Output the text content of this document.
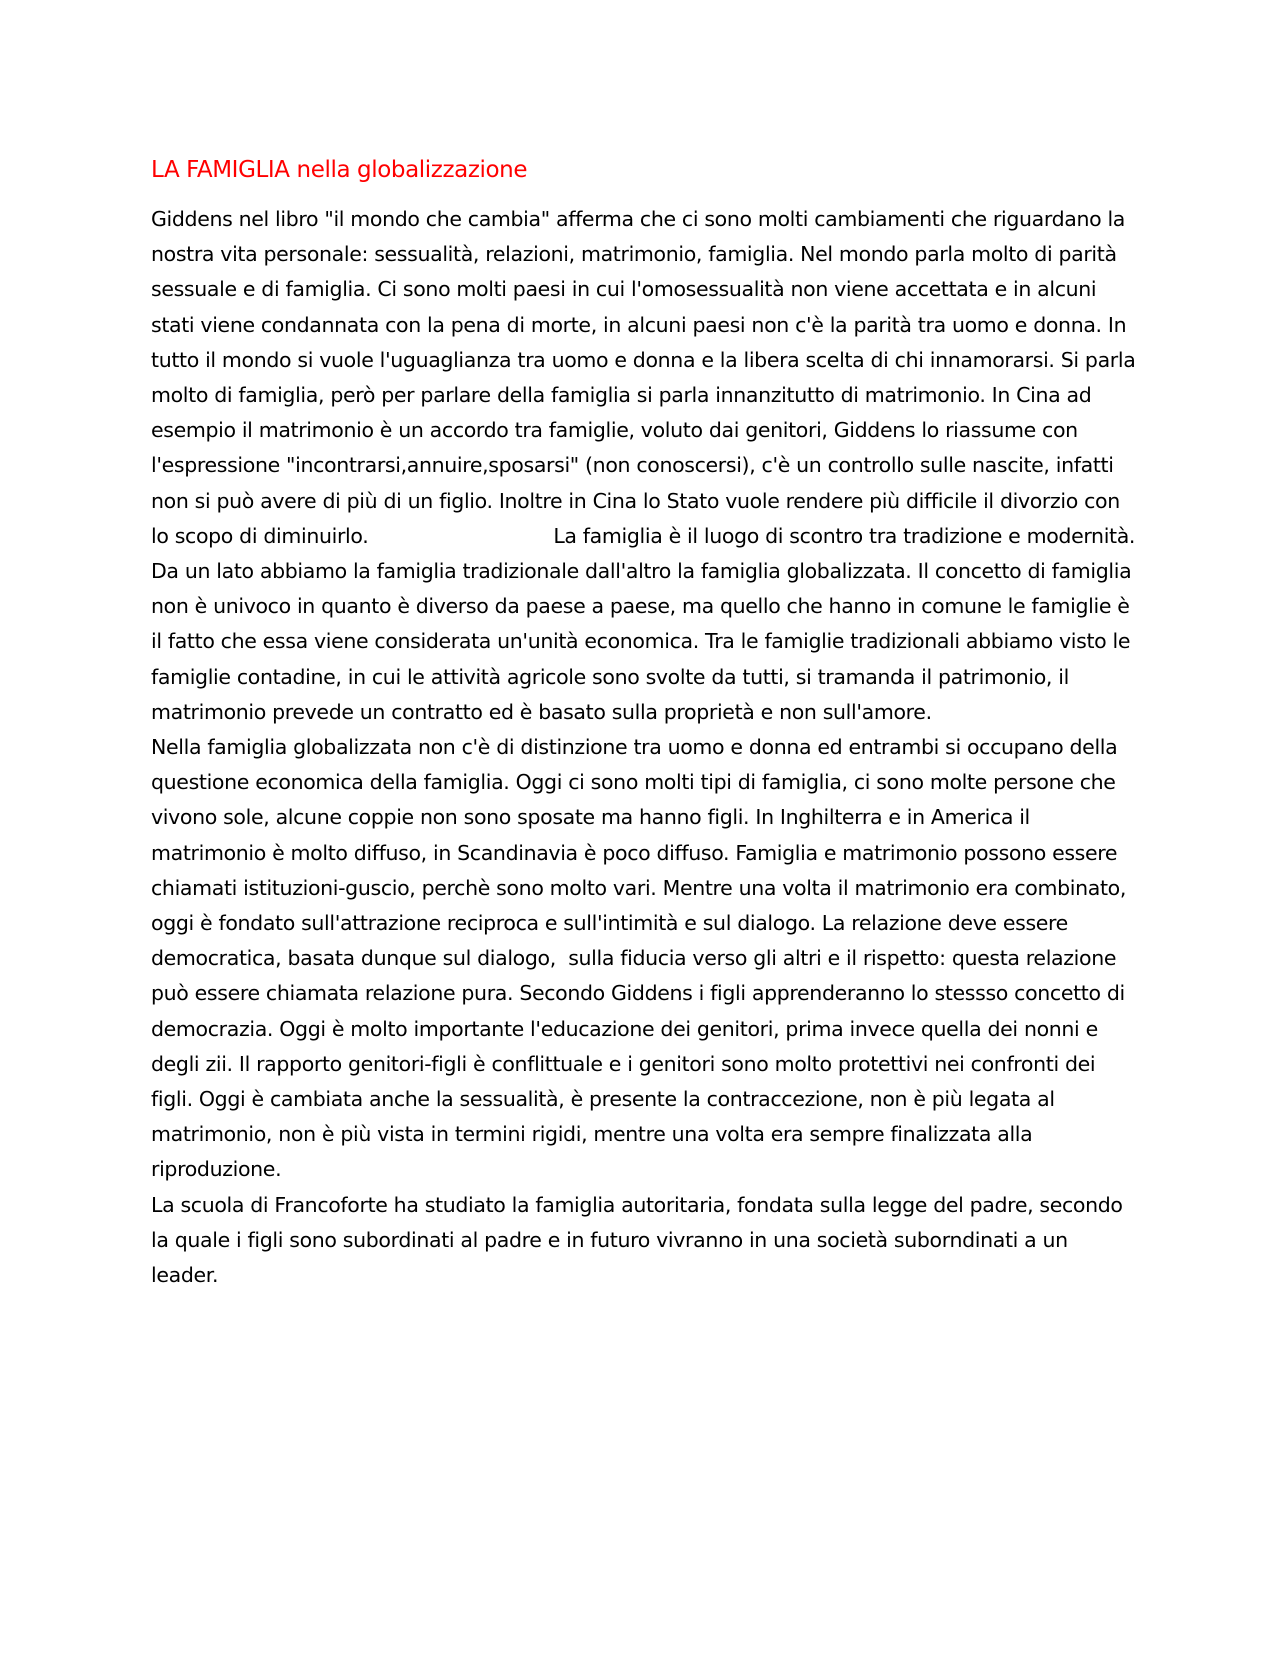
LA FAMIGLIA nella globalizzazione

Giddens nel libro "il mondo che cambia" afferma che ci sono molti cambiamenti che riguardano la nostra vita personale: sessualità, relazioni, matrimonio, famiglia. Nel mondo parla molto di parità sessuale e di famiglia. Ci sono molti paesi in cui l'omosessualità non viene accettata e in alcuni stati viene condannata con la pena di morte, in alcuni paesi non c'è la parità tra uomo e donna. In tutto il mondo si vuole l'uguaglianza tra uomo e donna e la libera scelta di chi innamorarsi. Si parla molto di famiglia, però per parlare della famiglia si parla innanzitutto di matrimonio. In Cina ad esempio il matrimonio è un accordo tra famiglie, voluto dai genitori, Giddens lo riassume con l'espressione "incontrarsi,annuire,sposarsi" (non conoscersi), c'è un controllo sulle nascite, infatti non si può avere di più di un figlio. Inoltre in Cina lo Stato vuole rendere più difficile il divorzio con lo scopo di diminuirlo.                              La famiglia è il luogo di scontro tra tradizione e modernità. Da un lato abbiamo la famiglia tradizionale dall'altro la famiglia globalizzata. Il concetto di famiglia non è univoco in quanto è diverso da paese a paese, ma quello che hanno in comune le famiglie è il fatto che essa viene considerata un'unità economica. Tra le famiglie tradizionali abbiamo visto le famiglie contadine, in cui le attività agricole sono svolte da tutti, si tramanda il patrimonio, il matrimonio prevede un contratto ed è basato sulla proprietà e non sull'amore.

Nella famiglia globalizzata non c'è di distinzione tra uomo e donna ed entrambi si occupano della questione economica della famiglia. Oggi ci sono molti tipi di famiglia, ci sono molte persone che vivono sole, alcune coppie non sono sposate ma hanno figli. In Inghilterra e in America il matrimonio è molto diffuso, in Scandinavia è poco diffuso. Famiglia e matrimonio possono essere chiamati istituzioni-guscio, perchè sono molto vari. Mentre una volta il matrimonio era combinato, oggi è fondato sull'attrazione reciproca e sull'intimità e sul dialogo. La relazione deve essere democratica, basata dunque sul dialogo,  sulla fiducia verso gli altri e il rispetto: questa relazione può essere chiamata relazione pura. Secondo Giddens i figli apprenderanno lo stessso concetto di democrazia. Oggi è molto importante l'educazione dei genitori, prima invece quella dei nonni e degli zii. Il rapporto genitori-figli è conflittuale e i genitori sono molto protettivi nei confronti dei figli. Oggi è cambiata anche la sessualità, è presente la contraccezione, non è più legata al matrimonio, non è più vista in termini rigidi, mentre una volta era sempre finalizzata alla riproduzione.

La scuola di Francoforte ha studiato la famiglia autoritaria, fondata sulla legge del padre, secondo la quale i figli sono subordinati al padre e in futuro vivranno in una società suborndinati a un leader.
